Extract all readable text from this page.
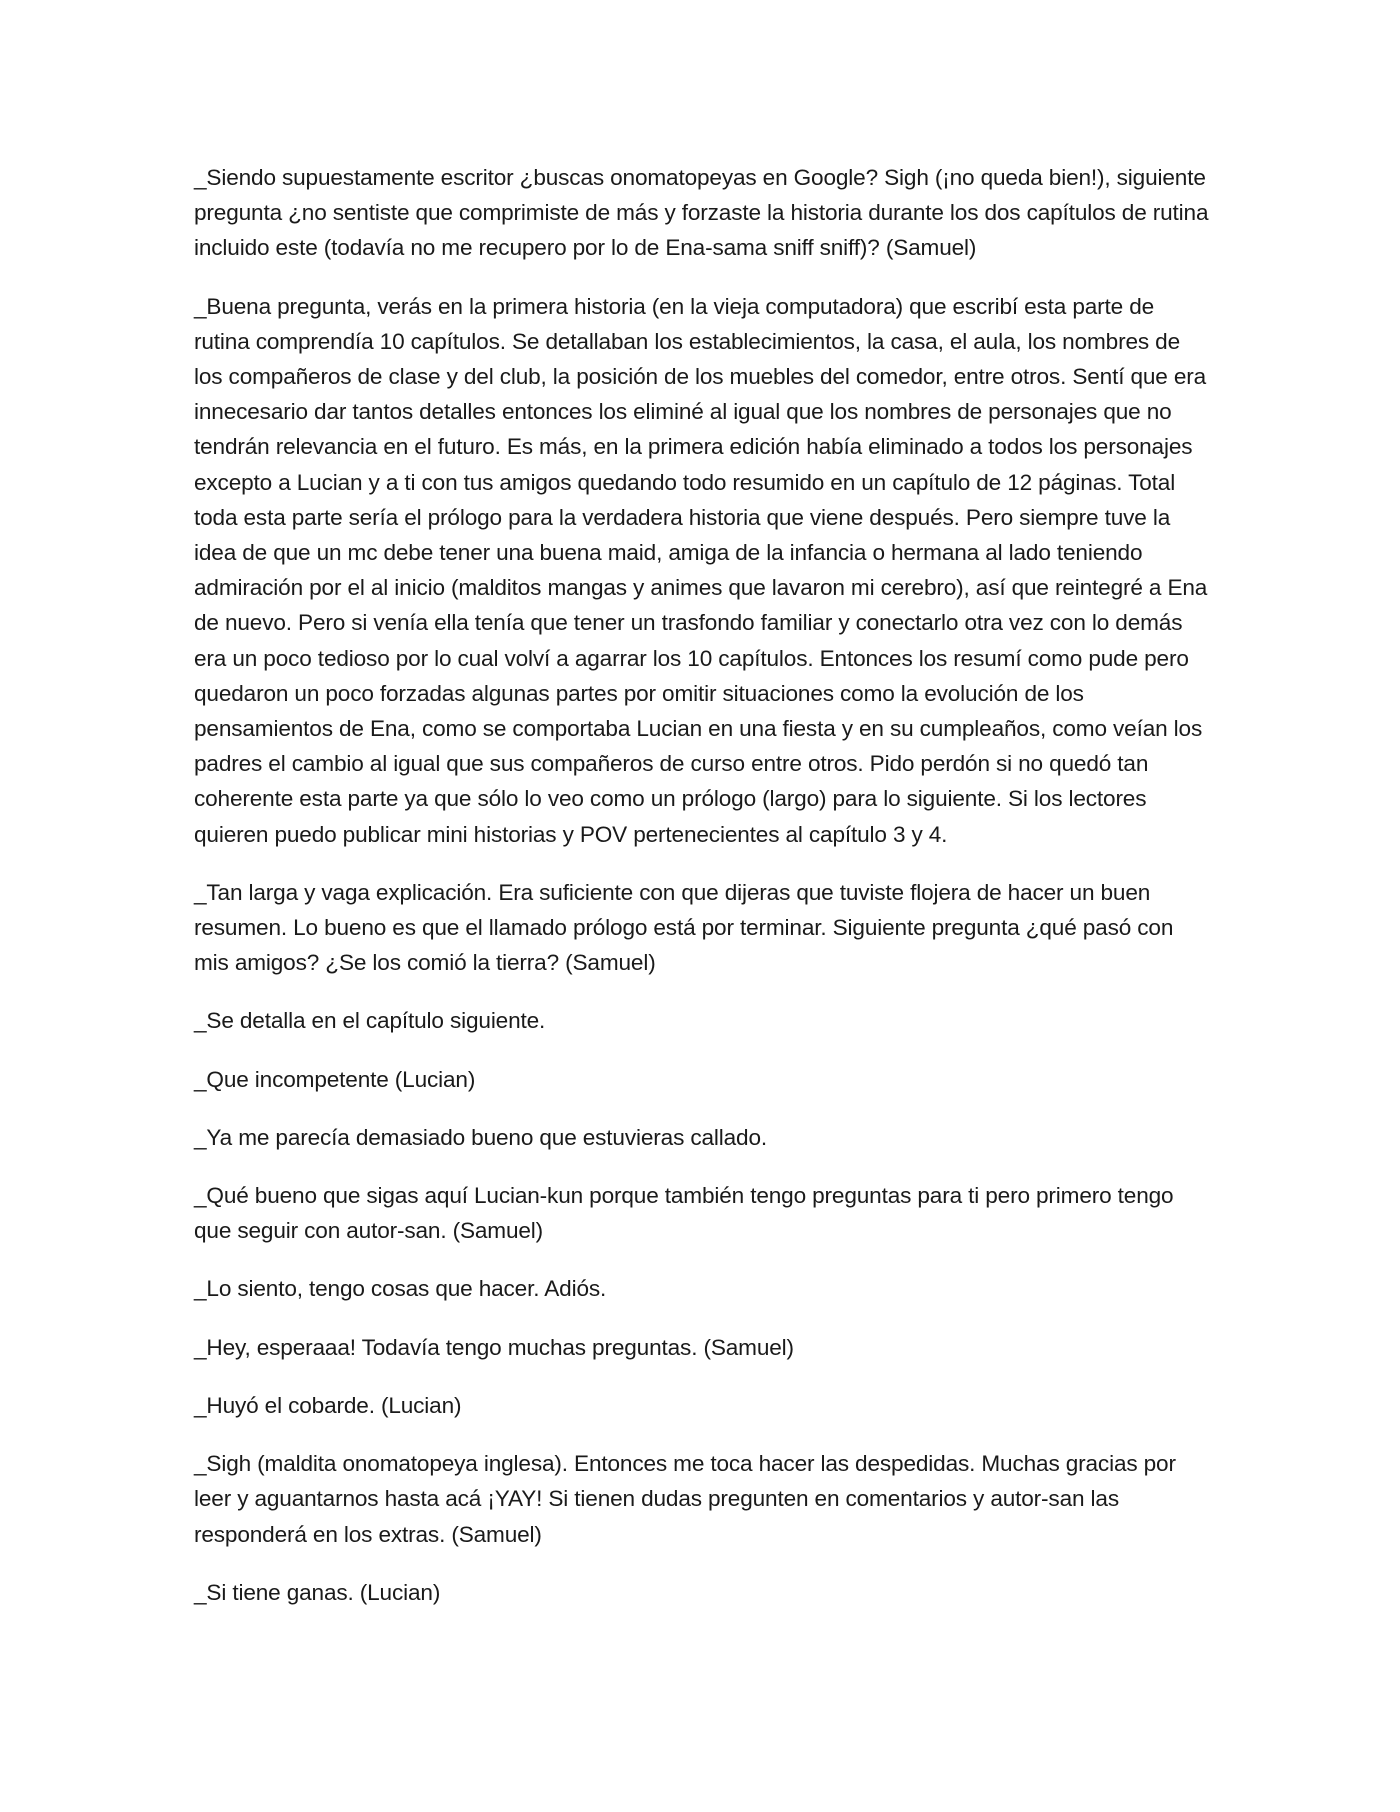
_Siendo supuestamente escritor ¿buscas onomatopeyas en Google? Sigh (¡no queda bien!), siguiente pregunta ¿no sentiste que comprimiste de más y forzaste la historia durante los dos capítulos de rutina incluido este (todavía no me recupero por lo de Ena-sama sniff sniff)? (Samuel)

_Buena pregunta, verás en la primera historia (en la vieja computadora) que escribí esta parte de rutina comprendía 10 capítulos. Se detallaban los establecimientos, la casa, el aula, los nombres de los compañeros de clase y del club, la posición de los muebles del comedor, entre otros. Sentí que era innecesario dar tantos detalles entonces los eliminé al igual que los nombres de personajes que no tendrán relevancia en el futuro. Es más, en la primera edición había eliminado a todos los personajes excepto a Lucian y a ti con tus amigos quedando todo resumido en un capítulo de 12 páginas. Total toda esta parte sería el prólogo para la verdadera historia que viene después. Pero siempre tuve la idea de que un mc debe tener una buena maid, amiga de la infancia o hermana al lado teniendo admiración por el al inicio (malditos mangas y animes que lavaron mi cerebro), así que reintegré a Ena de nuevo. Pero si venía ella tenía que tener un trasfondo familiar y conectarlo otra vez con lo demás era un poco tedioso por lo cual volví a agarrar los 10 capítulos. Entonces los resumí como pude pero quedaron un poco forzadas algunas partes por omitir situaciones como la evolución de los pensamientos de Ena, como se comportaba Lucian en una fiesta y en su cumpleaños, como veían los padres el cambio al igual que sus compañeros de curso entre otros. Pido perdón si no quedó tan coherente esta parte ya que sólo lo veo como un prólogo (largo) para lo siguiente. Si los lectores quieren puedo publicar mini historias y POV pertenecientes al capítulo 3 y 4.

_Tan larga y vaga explicación. Era suficiente con que dijeras que tuviste flojera de hacer un buen resumen. Lo bueno es que el llamado prólogo está por terminar. Siguiente pregunta ¿qué pasó con mis amigos? ¿Se los comió la tierra? (Samuel)

_Se detalla en el capítulo siguiente.

_Que incompetente (Lucian)

_Ya me parecía demasiado bueno que estuvieras callado.

_Qué bueno que sigas aquí Lucian-kun porque también tengo preguntas para ti pero primero tengo que seguir con autor-san. (Samuel)

_Lo siento, tengo cosas que hacer. Adiós.

_Hey, esperaaa! Todavía tengo muchas preguntas. (Samuel)

_Huyó el cobarde. (Lucian)

_Sigh (maldita onomatopeya inglesa). Entonces me toca hacer las despedidas. Muchas gracias por leer y aguantarnos hasta acá ¡YAY! Si tienen dudas pregunten en comentarios y autor-san las responderá en los extras. (Samuel)

_Si tiene ganas. (Lucian)
